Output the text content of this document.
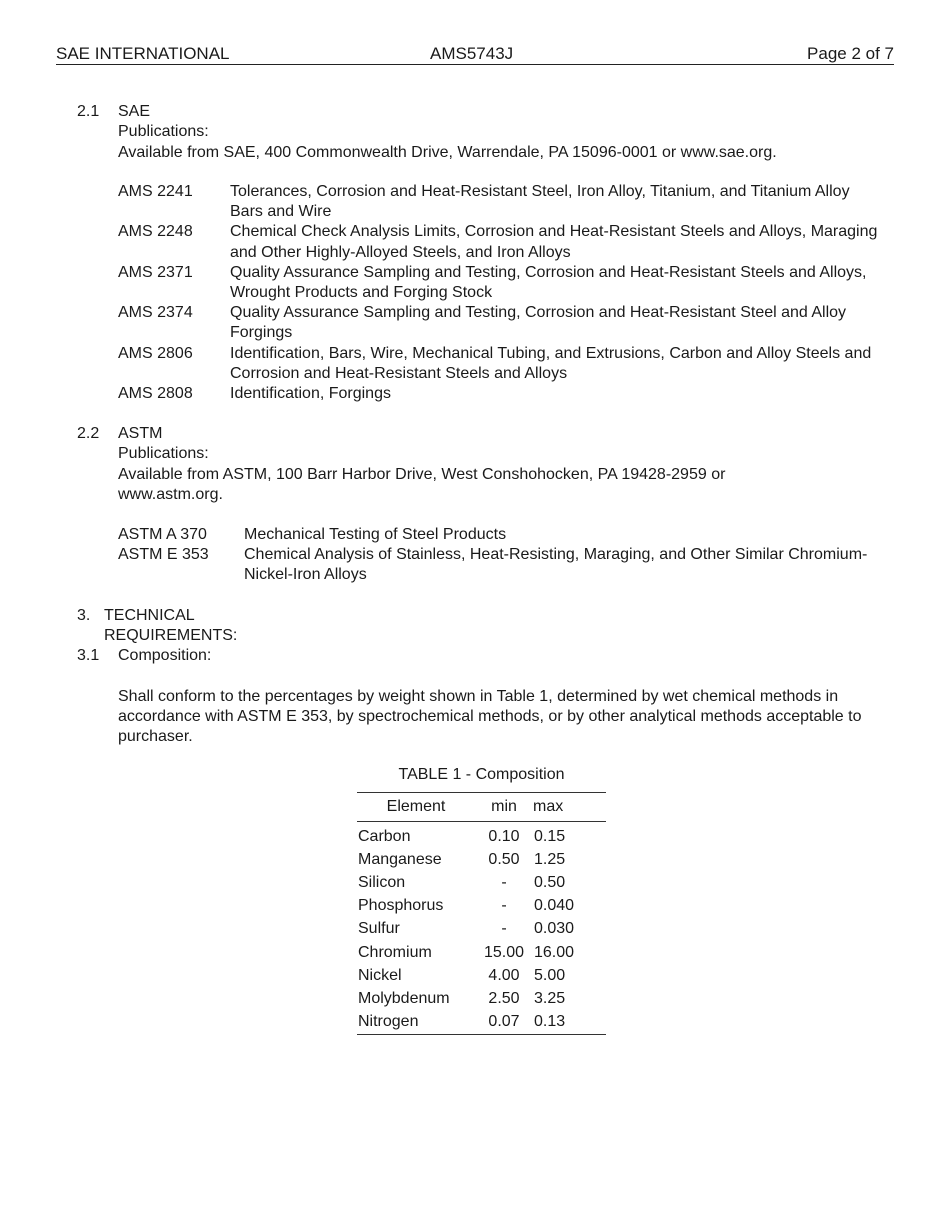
SAE INTERNATIONAL	AMS5743J	Page 2 of 7
2.1 SAE Publications:
Available from SAE, 400 Commonwealth Drive, Warrendale, PA 15096-0001 or www.sae.org.
AMS 2241 Tolerances, Corrosion and Heat-Resistant Steel, Iron Alloy, Titanium, and Titanium Alloy Bars and Wire
AMS 2248 Chemical Check Analysis Limits, Corrosion and Heat-Resistant Steels and Alloys, Maraging and Other Highly-Alloyed Steels, and Iron Alloys
AMS 2371 Quality Assurance Sampling and Testing, Corrosion and Heat-Resistant Steels and Alloys, Wrought Products and Forging Stock
AMS 2374 Quality Assurance Sampling and Testing, Corrosion and Heat-Resistant Steel and Alloy Forgings
AMS 2806 Identification, Bars, Wire, Mechanical Tubing, and Extrusions, Carbon and Alloy Steels and Corrosion and Heat-Resistant Steels and Alloys
AMS 2808 Identification, Forgings
2.2 ASTM Publications:
Available from ASTM, 100 Barr Harbor Drive, West Conshohocken, PA 19428-2959 or www.astm.org.
ASTM A 370 Mechanical Testing of Steel Products
ASTM E 353 Chemical Analysis of Stainless, Heat-Resisting, Maraging, and Other Similar Chromium-Nickel-Iron Alloys
3. TECHNICAL REQUIREMENTS:
3.1 Composition:
Shall conform to the percentages by weight shown in Table 1, determined by wet chemical methods in accordance with ASTM E 353, by spectrochemical methods, or by other analytical methods acceptable to purchaser.
TABLE 1 - Composition
Element	min	max
Carbon	0.10	0.15
Manganese	0.50	1.25
Silicon	-	0.50
Phosphorus	-	0.040
Sulfur	-	0.030
Chromium	15.00	16.00
Nickel	4.00	5.00
Molybdenum	2.50	3.25
Nitrogen	0.07	0.13
